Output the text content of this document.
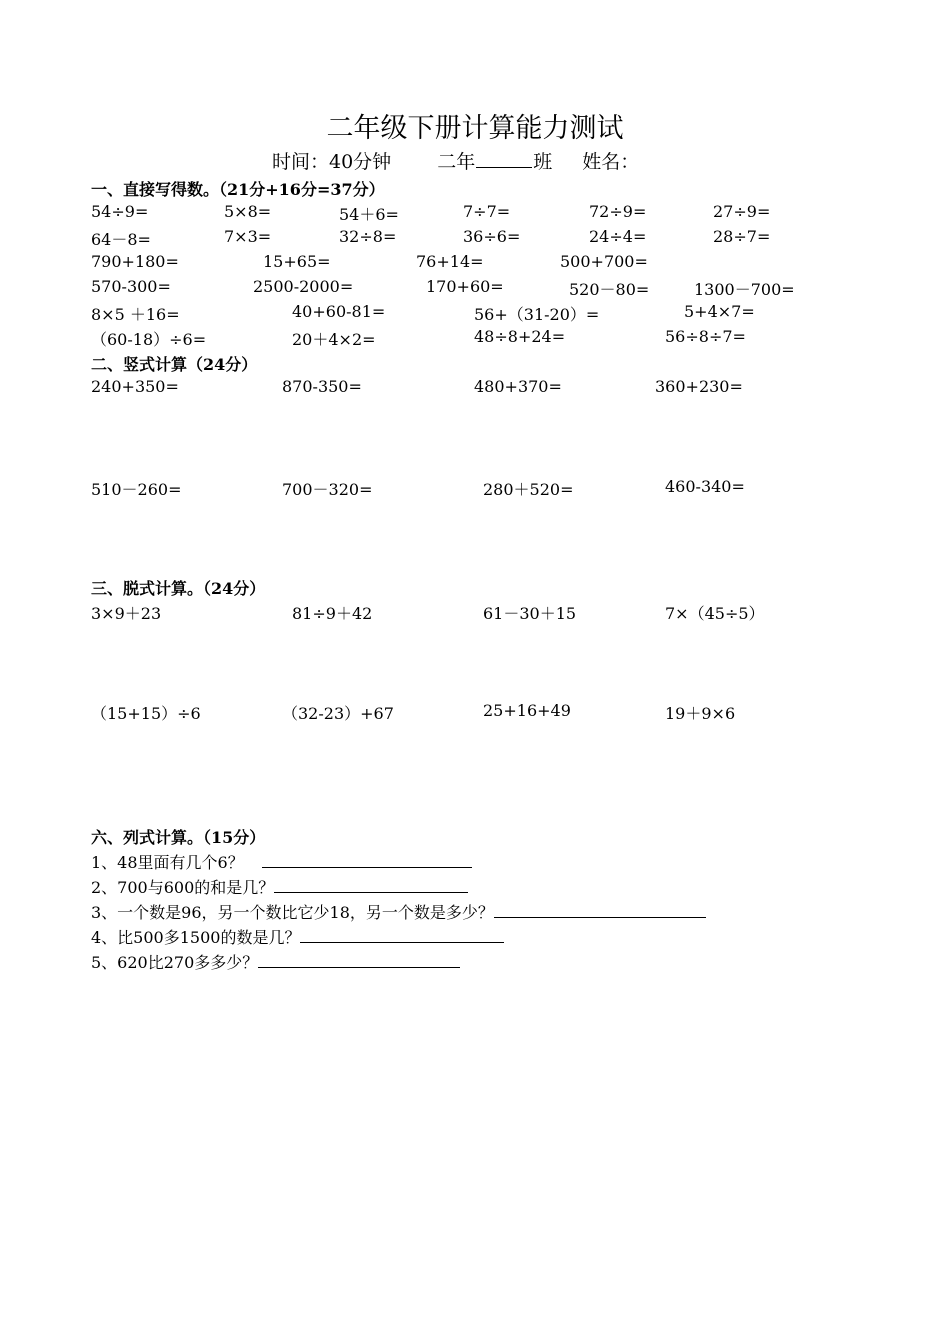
二年级下册计算能力测试
时间：40分钟 二年	班 姓名：
一、直接写得数。（21分+16分=37分）
54÷9=	5×8=	54＋6=	7÷7=	72÷9=	27÷9=
64－8=	7×3=	32÷8=	36÷6=	24÷4=	28÷7=
790+180=	15+65=	76+14=	500+700=
570-300=	2500-2000=	170+60=	520－80=	1300－700=
8×5 ＋16=	40+60-81=	56+（31-20）=	5+4×7=
（60-18）÷6=	20＋4×2=	48÷8+24=	56÷8÷7=
二、竖式计算（24分）
240+350=	870-350=	480+370=	360+230=
510－260=	700－320=	280＋520=	460-340=
三、脱式计算。（24分）
3×9＋23	81÷9＋42	61－30＋15	7×（45÷5）
（15+15）÷6	（32-23）+67	25+16+49	19＋9×6
六、列式计算。（15分）
1、48里面有几个6？
2、700与600的和是几？
3、一个数是96，另一个数比它少18，另一个数是多少？
4、比500多1500的数是几？
5、620比270多多少？
